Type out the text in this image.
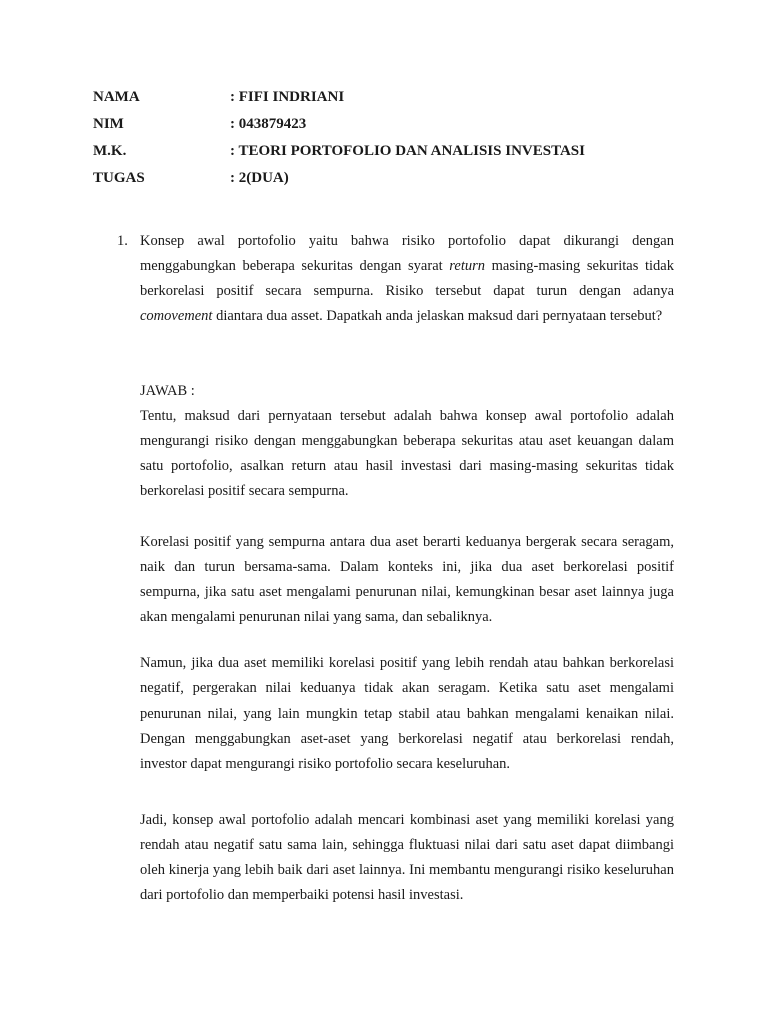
NAMA	: FIFI INDRIANI
NIM	: 043879423
M.K.	: TEORI PORTOFOLIO DAN ANALISIS INVESTASI
TUGAS	: 2(DUA)
1. Konsep awal portofolio yaitu bahwa risiko portofolio dapat dikurangi dengan menggabungkan beberapa sekuritas dengan syarat return masing-masing sekuritas tidak berkorelasi positif secara sempurna. Risiko tersebut dapat turun dengan adanya comovement diantara dua asset. Dapatkah anda jelaskan maksud dari pernyataan tersebut?

JAWAB :

Tentu, maksud dari pernyataan tersebut adalah bahwa konsep awal portofolio adalah mengurangi risiko dengan menggabungkan beberapa sekuritas atau aset keuangan dalam satu portofolio, asalkan return atau hasil investasi dari masing-masing sekuritas tidak berkorelasi positif secara sempurna.

Korelasi positif yang sempurna antara dua aset berarti keduanya bergerak secara seragam, naik dan turun bersama-sama. Dalam konteks ini, jika dua aset berkorelasi positif sempurna, jika satu aset mengalami penurunan nilai, kemungkinan besar aset lainnya juga akan mengalami penurunan nilai yang sama, dan sebaliknya.

Namun, jika dua aset memiliki korelasi positif yang lebih rendah atau bahkan berkorelasi negatif, pergerakan nilai keduanya tidak akan seragam. Ketika satu aset mengalami penurunan nilai, yang lain mungkin tetap stabil atau bahkan mengalami kenaikan nilai. Dengan menggabungkan aset-aset yang berkorelasi negatif atau berkorelasi rendah, investor dapat mengurangi risiko portofolio secara keseluruhan.

Jadi, konsep awal portofolio adalah mencari kombinasi aset yang memiliki korelasi yang rendah atau negatif satu sama lain, sehingga fluktuasi nilai dari satu aset dapat diimbangi oleh kinerja yang lebih baik dari aset lainnya. Ini membantu mengurangi risiko keseluruhan dari portofolio dan memperbaiki potensi hasil investasi.
